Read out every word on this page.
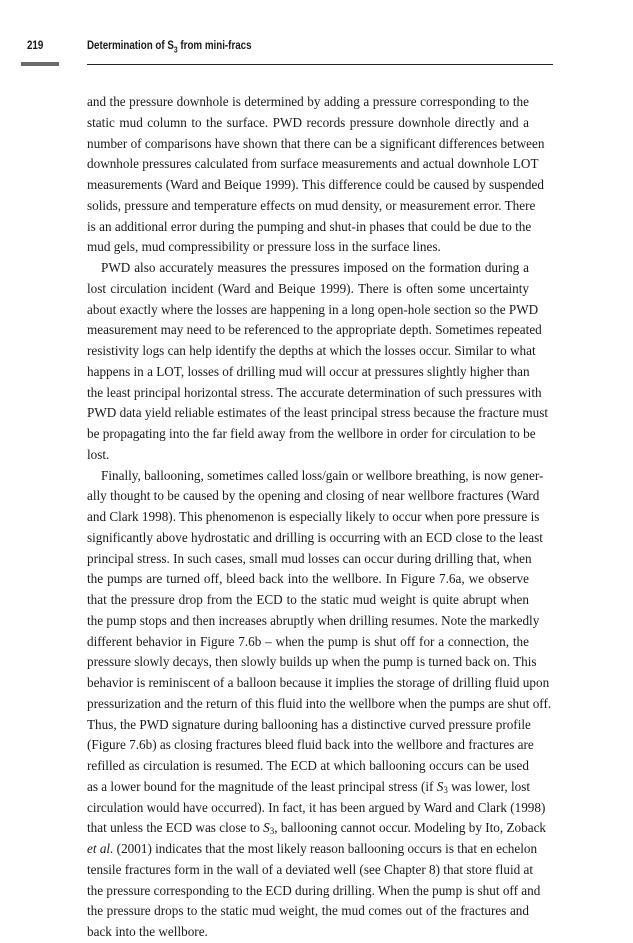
219	Determination of $S_3$ from mini-fracs
and the pressure downhole is determined by adding a pressure corresponding to the
static mud column to the surface. PWD records pressure downhole directly and a
number of comparisons have shown that there can be a significant differences between
downhole pressures calculated from surface measurements and actual downhole LOT
measurements (Ward and Beique 1999). This difference could be caused by suspended
solids, pressure and temperature effects on mud density, or measurement error. There
is an additional error during the pumping and shut-in phases that could be due to the
mud gels, mud compressibility or pressure loss in the surface lines.
PWD also accurately measures the pressures imposed on the formation during a
lost circulation incident (Ward and Beique 1999). There is often some uncertainty
about exactly where the losses are happening in a long open-hole section so the PWD
measurement may need to be referenced to the appropriate depth. Sometimes repeated
resistivity logs can help identify the depths at which the losses occur. Similar to what
happens in a LOT, losses of drilling mud will occur at pressures slightly higher than
the least principal horizontal stress. The accurate determination of such pressures with
PWD data yield reliable estimates of the least principal stress because the fracture must
be propagating into the far field away from the wellbore in order for circulation to be
lost.
Finally, ballooning, sometimes called loss/gain or wellbore breathing, is now gener-
ally thought to be caused by the opening and closing of near wellbore fractures (Ward
and Clark 1998). This phenomenon is especially likely to occur when pore pressure is
significantly above hydrostatic and drilling is occurring with an ECD close to the least
principal stress. In such cases, small mud losses can occur during drilling that, when
the pumps are turned off, bleed back into the wellbore. In Figure 7.6a, we observe
that the pressure drop from the ECD to the static mud weight is quite abrupt when
the pump stops and then increases abruptly when drilling resumes. Note the markedly
different behavior in Figure 7.6b – when the pump is shut off for a connection, the
pressure slowly decays, then slowly builds up when the pump is turned back on. This
behavior is reminiscent of a balloon because it implies the storage of drilling fluid upon
pressurization and the return of this fluid into the wellbore when the pumps are shut off.
Thus, the PWD signature during ballooning has a distinctive curved pressure profile
(Figure 7.6b) as closing fractures bleed fluid back into the wellbore and fractures are
refilled as circulation is resumed. The ECD at which ballooning occurs can be used
as a lower bound for the magnitude of the least principal stress (if $S_3$ was lower, lost
circulation would have occurred). In fact, it has been argued by Ward and Clark (1998)
that unless the ECD was close to $S_3$, ballooning cannot occur. Modeling by Ito, Zoback
et al. (2001) indicates that the most likely reason ballooning occurs is that en echelon
tensile fractures form in the wall of a deviated well (see Chapter 8) that store fluid at
the pressure corresponding to the ECD during drilling. When the pump is shut off and
the pressure drops to the static mud weight, the mud comes out of the fractures and
back into the wellbore.
